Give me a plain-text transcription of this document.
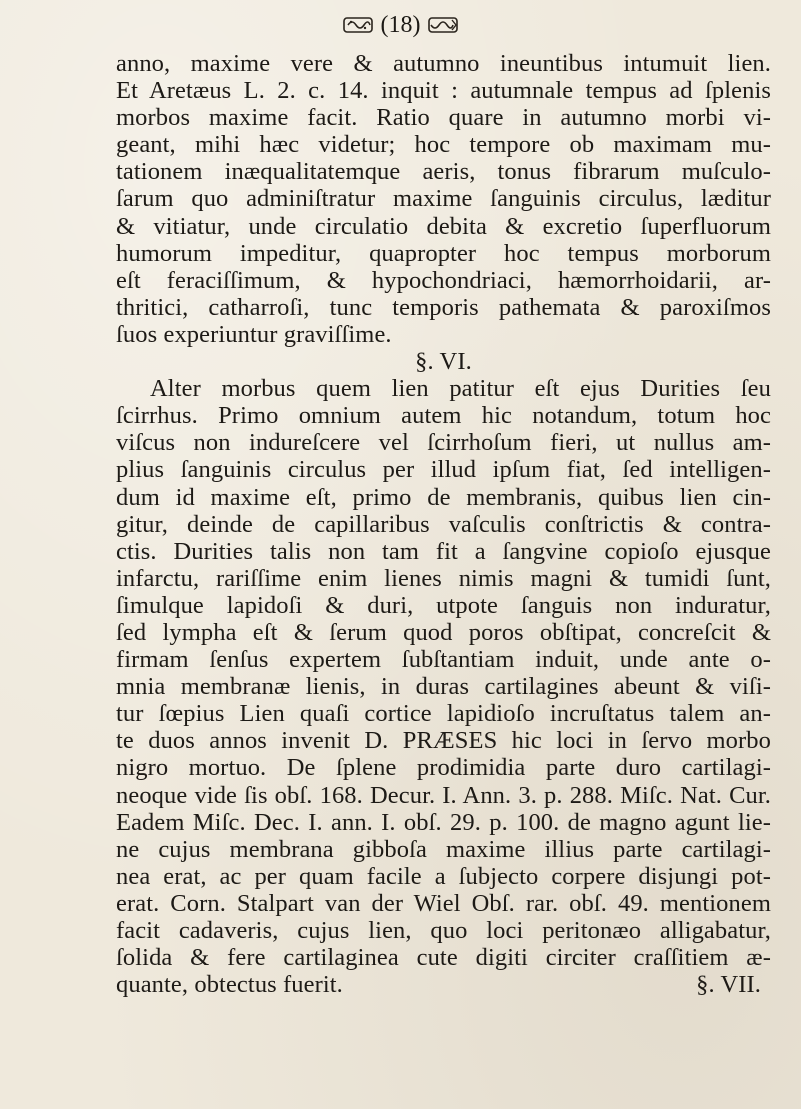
(18)
anno, maxime vere & autumno ineuntibus intumuit lien.
Et Aretæus L. 2. c. 14. inquit : autumnale tempus ad ſplenis
morbos maxime facit. Ratio quare in autumno morbi vi-
geant, mihi hæc videtur; hoc tempore ob maximam mu-
tationem inæqualitatemque aeris, tonus fibrarum muſculo-
ſarum quo adminiſtratur maxime ſanguinis circulus, læditur
& vitiatur, unde circulatio debita & excretio ſuperfluorum
humorum impeditur, quapropter hoc tempus morborum
eſt feraciſſimum, & hypochondriaci, hæmorrhoidarii, ar-
thritici, catharroſi, tunc temporis pathemata & paroxiſmos
ſuos experiuntur graviſſime.
§. VI.
Alter morbus quem lien patitur eſt ejus Durities ſeu
ſcirrhus. Primo omnium autem hic notandum, totum hoc
viſcus non indureſcere vel ſcirrhoſum fieri, ut nullus am-
plius ſanguinis circulus per illud ipſum fiat, ſed intelligen-
dum id maxime eſt, primo de membranis, quibus lien cin-
gitur, deinde de capillaribus vaſculis conſtrictis & contra-
ctis. Durities talis non tam fit a ſangvine copioſo ejusque
infarctu, rariſſime enim lienes nimis magni & tumidi ſunt,
ſimulque lapidoſi & duri, utpote ſanguis non induratur,
ſed lympha eſt & ſerum quod poros obſtipat, concreſcit &
firmam ſenſus expertem ſubſtantiam induit, unde ante o-
mnia membranæ lienis, in duras cartilagines abeunt & viſi-
tur ſœpius Lien quaſi cortice lapidioſo incruſtatus talem an-
te duos annos invenit D. PRÆSES hic loci in ſervo morbo
nigro mortuo. De ſplene prodimidia parte duro cartilagi-
neoque vide ſis obſ. 168. Decur. I. Ann. 3. p. 288. Miſc. Nat. Cur.
Eadem Miſc. Dec. I. ann. I. obſ. 29. p. 100. de magno agunt lie-
ne cujus membrana gibboſa maxime illius parte cartilagi-
nea erat, ac per quam facile a ſubjecto corpere disjungi pot-
erat. Corn. Stalpart van der Wiel Obſ. rar. obſ. 49. mentionem
facit cadaveris, cujus lien, quo loci peritonæo alligabatur,
ſolida & fere cartilaginea cute digiti circiter craſſitiem æ-
quante, obtectus fuerit.	§. VII.
